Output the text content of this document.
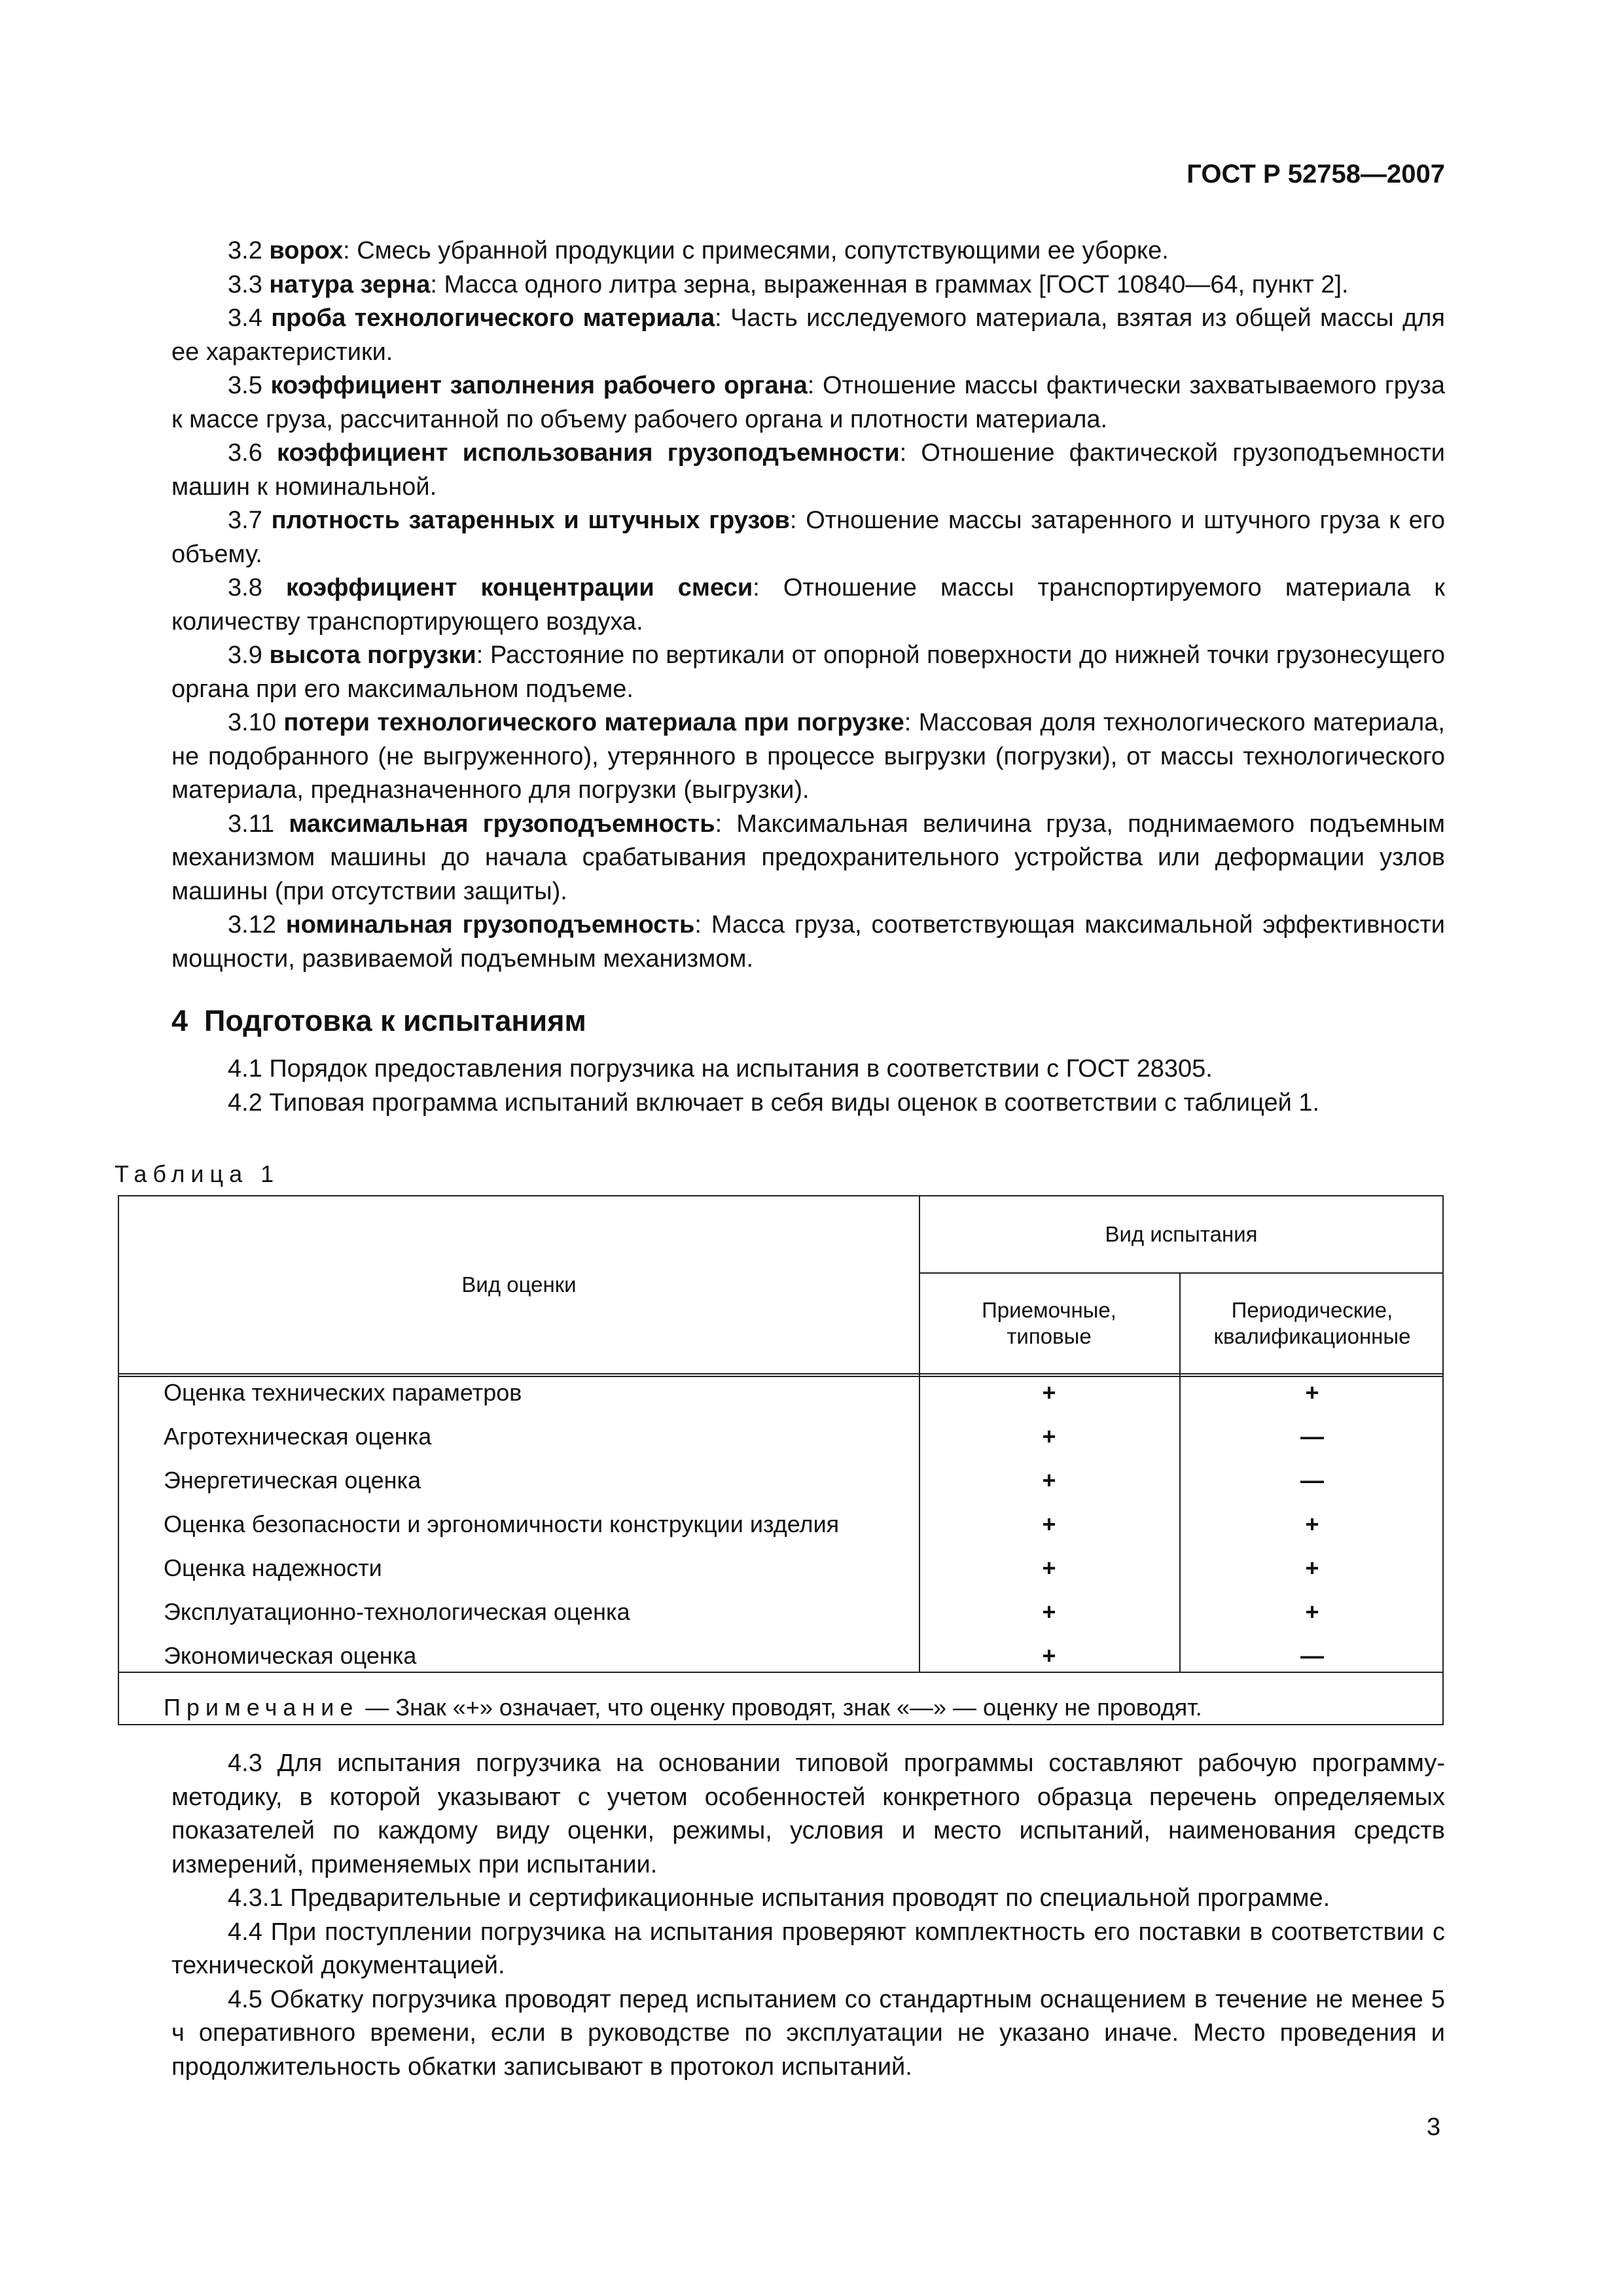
ГОСТ Р 52758—2007

3.2 ворох: Смесь убранной продукции с примесями, сопутствующими ее уборке.

3.3 натура зерна: Масса одного литра зерна, выраженная в граммах [ГОСТ 10840—64, пункт 2].

3.4 проба технологического материала: Часть исследуемого материала, взятая из общей массы для ее характеристики.

3.5 коэффициент заполнения рабочего органа: Отношение массы фактически захватываемого груза к массе груза, рассчитанной по объему рабочего органа и плотности материала.

3.6 коэффициент использования грузоподъемности: Отношение фактической грузоподъемности машин к номинальной.

3.7 плотность затаренных и штучных грузов: Отношение массы затаренного и штучного груза к его объему.

3.8 коэффициент концентрации смеси: Отношение массы транспортируемого материала к количеству транспортирующего воздуха.

3.9 высота погрузки: Расстояние по вертикали от опорной поверхности до нижней точки грузонесущего органа при его максимальном подъеме.

3.10 потери технологического материала при погрузке: Массовая доля технологического материала, не подобранного (не выгруженного), утерянного в процессе выгрузки (погрузки), от массы технологического материала, предназначенного для погрузки (выгрузки).

3.11 максимальная грузоподъемность: Максимальная величина груза, поднимаемого подъемным механизмом машины до начала срабатывания предохранительного устройства или деформации узлов машины (при отсутствии защиты).

3.12 номинальная грузоподъемность: Масса груза, соответствующая максимальной эффективности мощности, развиваемой подъемным механизмом.

4 Подготовка к испытаниям

4.1 Порядок предоставления погрузчика на испытания в соответствии с ГОСТ 28305.

4.2 Типовая программа испытаний включает в себя виды оценок в соответствии с таблицей 1.

Таблица 1
Вид оценки
Вид испытания
Приемочные,
типовые
Периодические,
квалификационные
Оценка технических параметров	+	+
Агротехническая оценка	+	—
Энергетическая оценка	+	—
Оценка безопасности и эргономичности конструкции изделия	+	+
Оценка надежности	+	+
Эксплуатационно-технологическая оценка	+	+
Экономическая оценка	+	—
Примечание — Знак «+» означает, что оценку проводят, знак «—» — оценку не проводят.

4.3 Для испытания погрузчика на основании типовой программы составляют рабочую программу-методику, в которой указывают с учетом особенностей конкретного образца перечень определяемых показателей по каждому виду оценки, режимы, условия и место испытаний, наименования средств измерений, применяемых при испытании.

4.3.1 Предварительные и сертификационные испытания проводят по специальной программе.

4.4 При поступлении погрузчика на испытания проверяют комплектность его поставки в соответствии с технической документацией.

4.5 Обкатку погрузчика проводят перед испытанием со стандартным оснащением в течение не менее 5 ч оперативного времени, если в руководстве по эксплуатации не указано иначе. Место проведения и продолжительность обкатки записывают в протокол испытаний.

3
